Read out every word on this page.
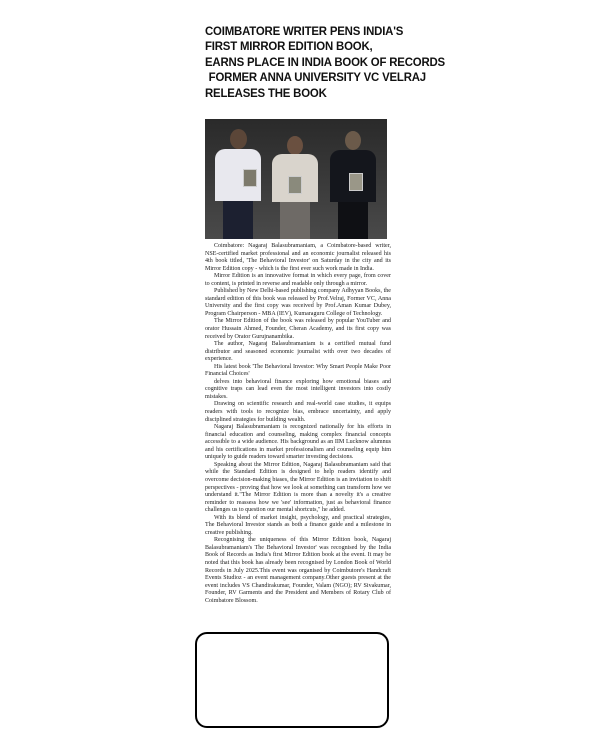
COIMBATORE WRITER PENS INDIA'S
FIRST MIRROR EDITION BOOK,
EARNS PLACE IN INDIA BOOK OF RECORDS
FORMER ANNA UNIVERSITY VC VELRAJ
RELEASES THE BOOK

Coimbatore: Nagaraj Balasubramaniam, a Coimbatore-based writer, NSE-certified market professional and an economic journalist released his 4th book titled, 'The Behavioral Investor' on Saturday in the city and its Mirror Edition copy - which is the first ever such work made in India.

Mirror Edition is an innovative format in which every page, from cover to content, is printed in reverse and readable only through a mirror.

Published by New Delhi-based publishing company Adhyyan Books, the standard edition of this book was released by Prof.Velraj, Former VC, Anna University and the first copy was received by Prof.Aman Kumar Dubey, Program Chairperson - MBA (IEV), Kumaraguru College of Technology.

The Mirror Edition of the book was released by popular YouTuber and orator Hussain Ahmed, Founder, Cheran Academy, and its first copy was received by Orator Gurujnanambika.

The author, Nagaraj Balasubramaniam is a certified mutual fund distributor and seasoned economic journalist with over two decades of experience.

His latest book 'The Behavioral Investor: Why Smart People Make Poor Financial Choices'

delves into behavioral finance exploring how emotional biases and cognitive traps can lead even the most intelligent investors into costly mistakes.

Drawing on scientific research and real-world case studies, it equips readers with tools to recognize bias, embrace uncertainty, and apply disciplined strategies for building wealth.

Nagaraj Balasubramaniam is recognized nationally for his efforts in financial education and counseling, making complex financial concepts accessible to a wide audience. His background as an IIM Lucknow alumnus and his certifications in market professionalism and counseling equip him uniquely to guide readers toward smarter investing decisions.

Speaking about the Mirror Edition, Nagaraj Balasubramaniam said that while the Standard Edition is designed to help readers identify and overcome decision-making biases, the Mirror Edition is an invitation to shift perspectives - proving that how we look at something can transform how we understand it."The Mirror Edition is more than a novelty it's a creative reminder to reassess how we 'see' information, just as behavioral finance challenges us to question our mental shortcuts," he added.

With its blend of market insight, psychology, and practical strategies, The Behavioral Investor stands as both a finance guide and a milestone in creative publishing.

Recognising the uniqueness of this Mirror Edition book, Nagaraj Balasubramaniam's The Behavioral Investor' was recognised by the India Book of Records as India's first Mirror Edition book at the event. It may be noted that this book has already been recognised by London Book of World Records in July 2025.This event was organised by Coimbutore's Handcraft Events Studioz - an event management company.Other guests present at the event includes VS Chandirakumar, Founder, Valam (NGO); RV Sivakumar, Founder, RV Garments and the President and Members of Rotary Club of Coimbatore Blossom.
